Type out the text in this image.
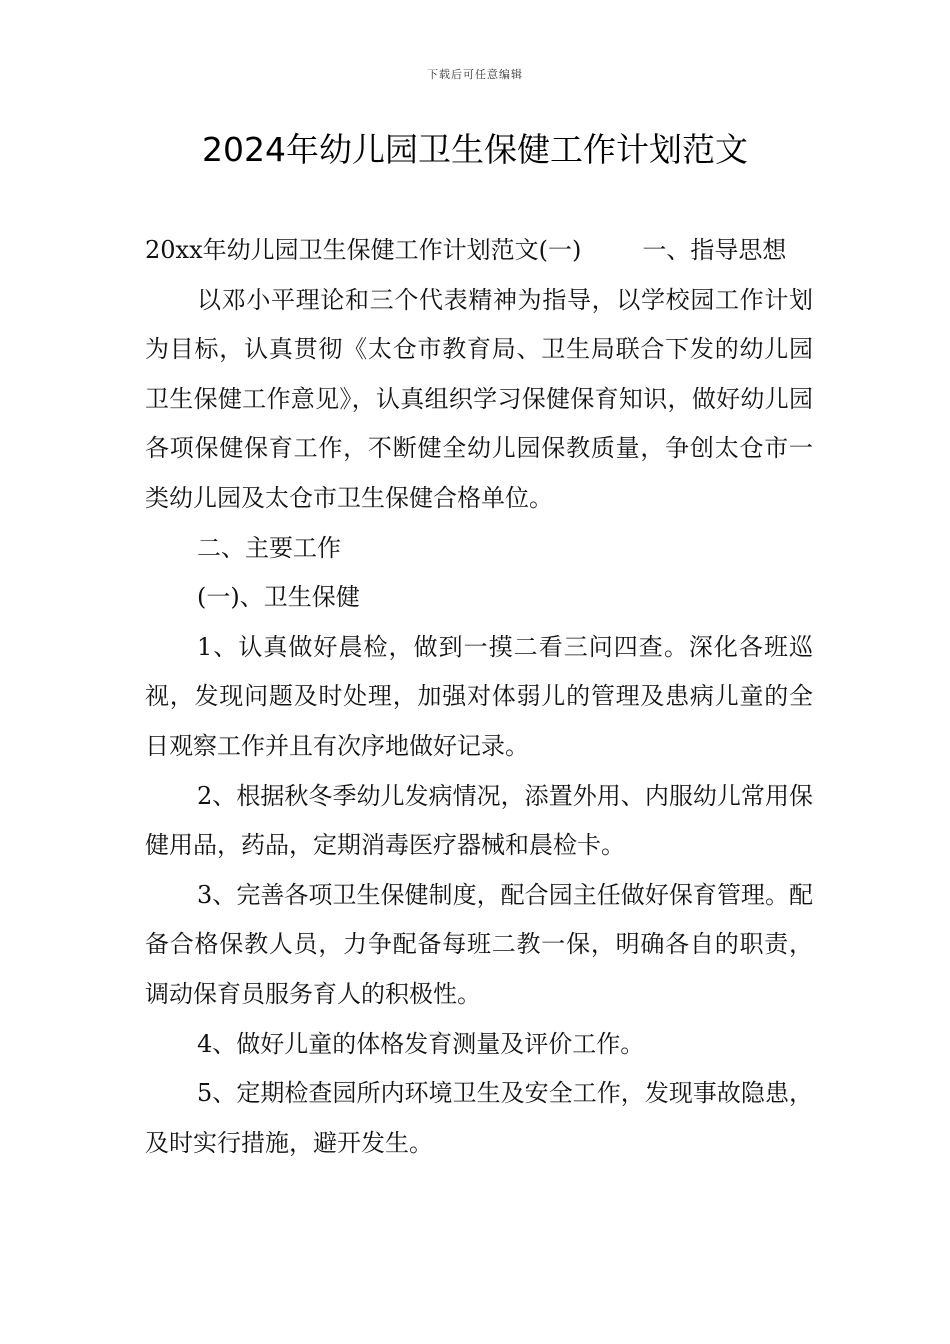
下载后可任意编辑
2024年幼儿园卫生保健工作计划范文

20xx年幼儿园卫生保健工作计划范文(一)        一、指导思想

以邓小平理论和三个代表精神为指导，以学校园工作计划为目标，认真贯彻《太仓市教育局、卫生局联合下发的幼儿园卫生保健工作意见》，认真组织学习保健保育知识，做好幼儿园各项保健保育工作，不断健全幼儿园保教质量，争创太仓市一类幼儿园及太仓市卫生保健合格单位。

二、主要工作

(一)、卫生保健

1、认真做好晨检，做到一摸二看三问四查。深化各班巡视，发现问题及时处理，加强对体弱儿的管理及患病儿童的全日观察工作并且有次序地做好记录。

2、根据秋冬季幼儿发病情况，添置外用、内服幼儿常用保健用品，药品，定期消毒医疗器械和晨检卡。

3、完善各项卫生保健制度，配合园主任做好保育管理。配备合格保教人员，力争配备每班二教一保，明确各自的职责，调动保育员服务育人的积极性。

4、做好儿童的体格发育测量及评价工作。

5、定期检查园所内环境卫生及安全工作，发现事故隐患，及时实行措施，避开发生。
